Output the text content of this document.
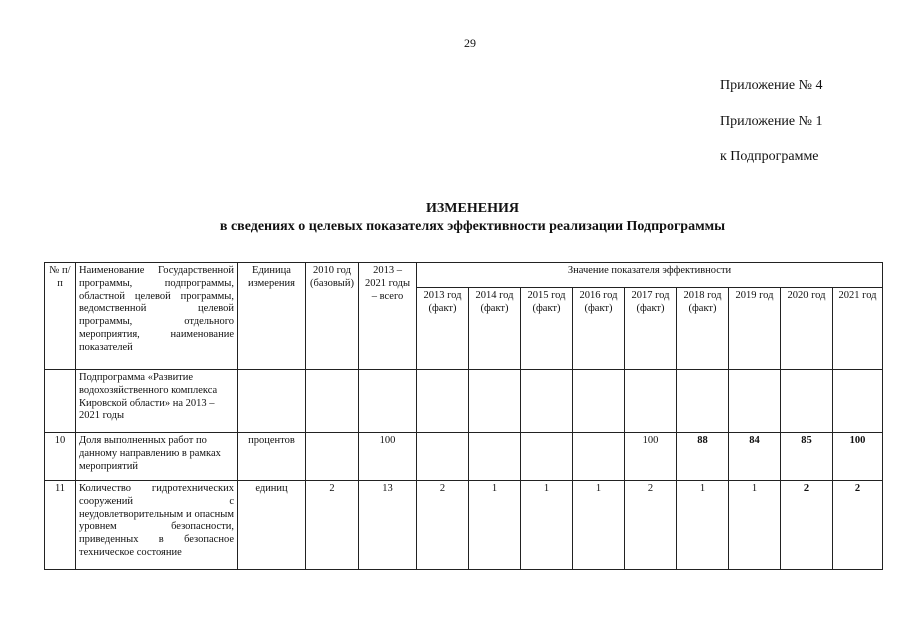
29
Приложение № 4
Приложение № 1
к Подпрограмме
ИЗМЕНЕНИЯ
в сведениях о целевых показателях эффективности реализации Подпрограммы
№ п/п	Наименование Государственной программы, подпрограммы, областной целевой программы, ведомственной целевой программы, отдельного мероприятия, наименование показателей	Единица измерения	2010 год (базовый)	2013 – 2021 годы – всего	Значение показателя эффективности								
					2013 год (факт)	2014 год (факт)	2015 год (факт)	2016 год (факт)	2017 год (факт)	2018 год (факт)	2019 год	2020 год	2021 год
	Подпрограмма «Развитие водохозяйственного комплекса Кировской области» на 2013 – 2021 годы												
10	Доля выполненных работ по данному направлению в рамках мероприятий	процентов		100					100	88	84	85	100
11	Количество гидротехнических сооружений с неудовлетворительным и опасным уровнем безопасности, приведенных в безопасное техническое состояние	единиц	2	13	2	1	1	1	2	1	1	2	2
